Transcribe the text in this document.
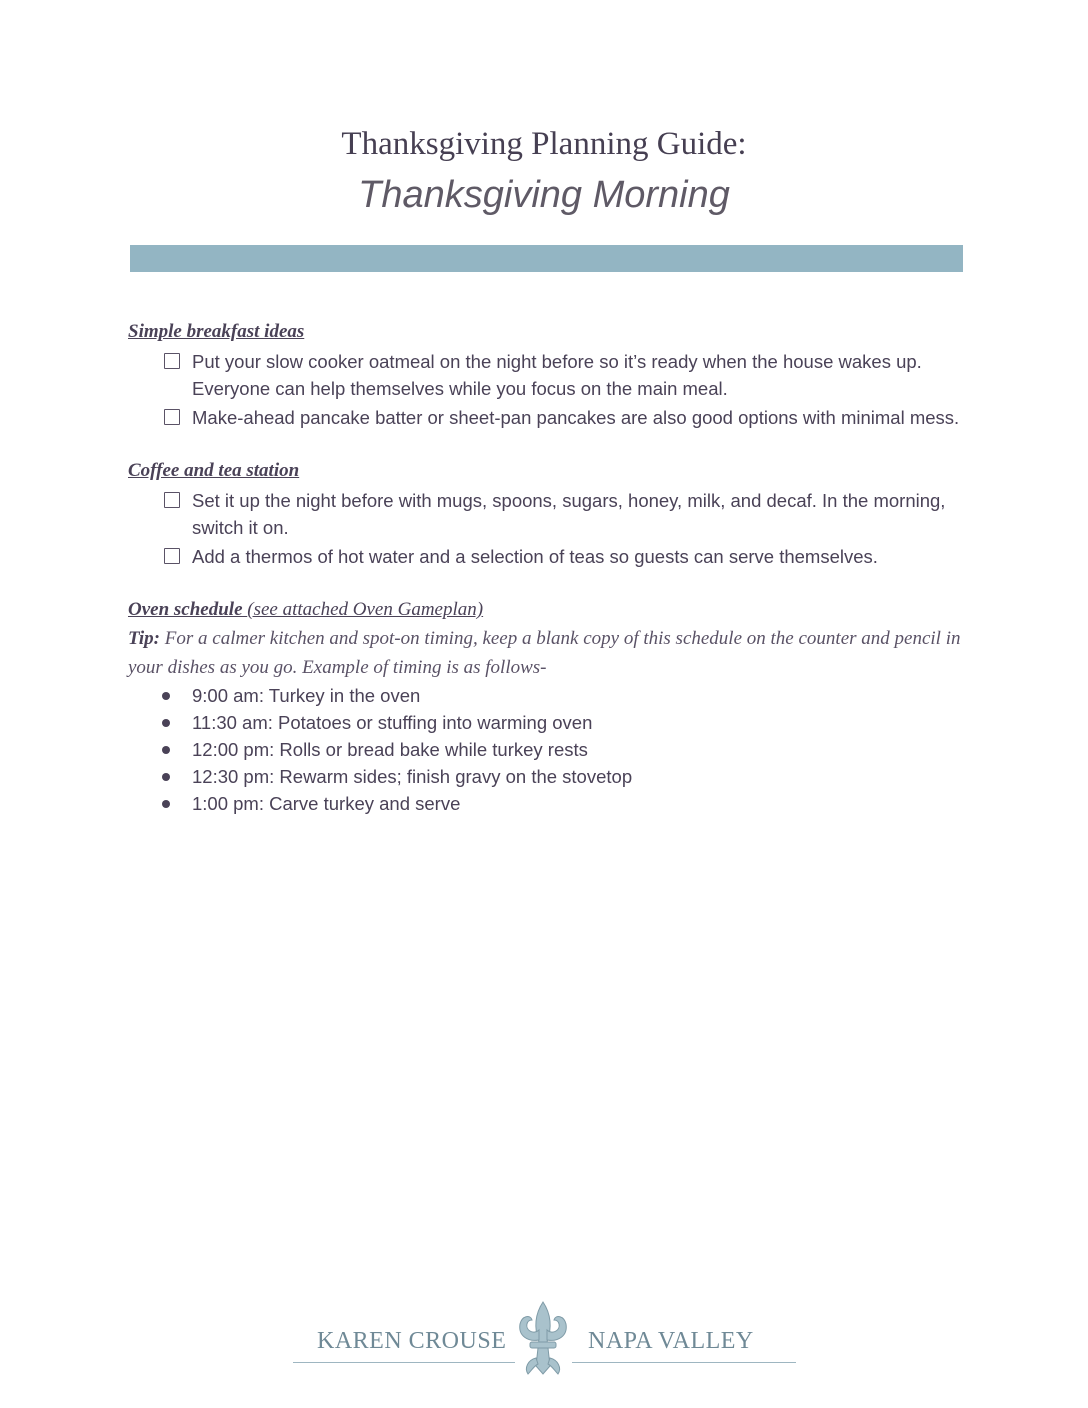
Thanksgiving Planning Guide:
Thanksgiving Morning

Simple breakfast ideas

Put your slow cooker oatmeal on the night before so it’s ready when the house wakes up. Everyone can help themselves while you focus on the main meal.
Make-ahead pancake batter or sheet-pan pancakes are also good options with minimal mess.

Coffee and tea station

Set it up the night before with mugs, spoons, sugars, honey, milk, and decaf. In the morning, switch it on.
Add a thermos of hot water and a selection of teas so guests can serve themselves.

Oven schedule (see attached Oven Gameplan)

Tip: For a calmer kitchen and spot-on timing, keep a blank copy of this schedule on the counter and pencil in your dishes as you go. Example of timing is as follows-

9:00 am: Turkey in the oven
11:30 am: Potatoes or stuffing into warming oven
12:00 pm: Rolls or bread bake while turkey rests
12:30 pm: Rewarm sides; finish gravy on the stovetop
1:00 pm: Carve turkey and serve
KAREN CROUSE	NAPA VALLEY
